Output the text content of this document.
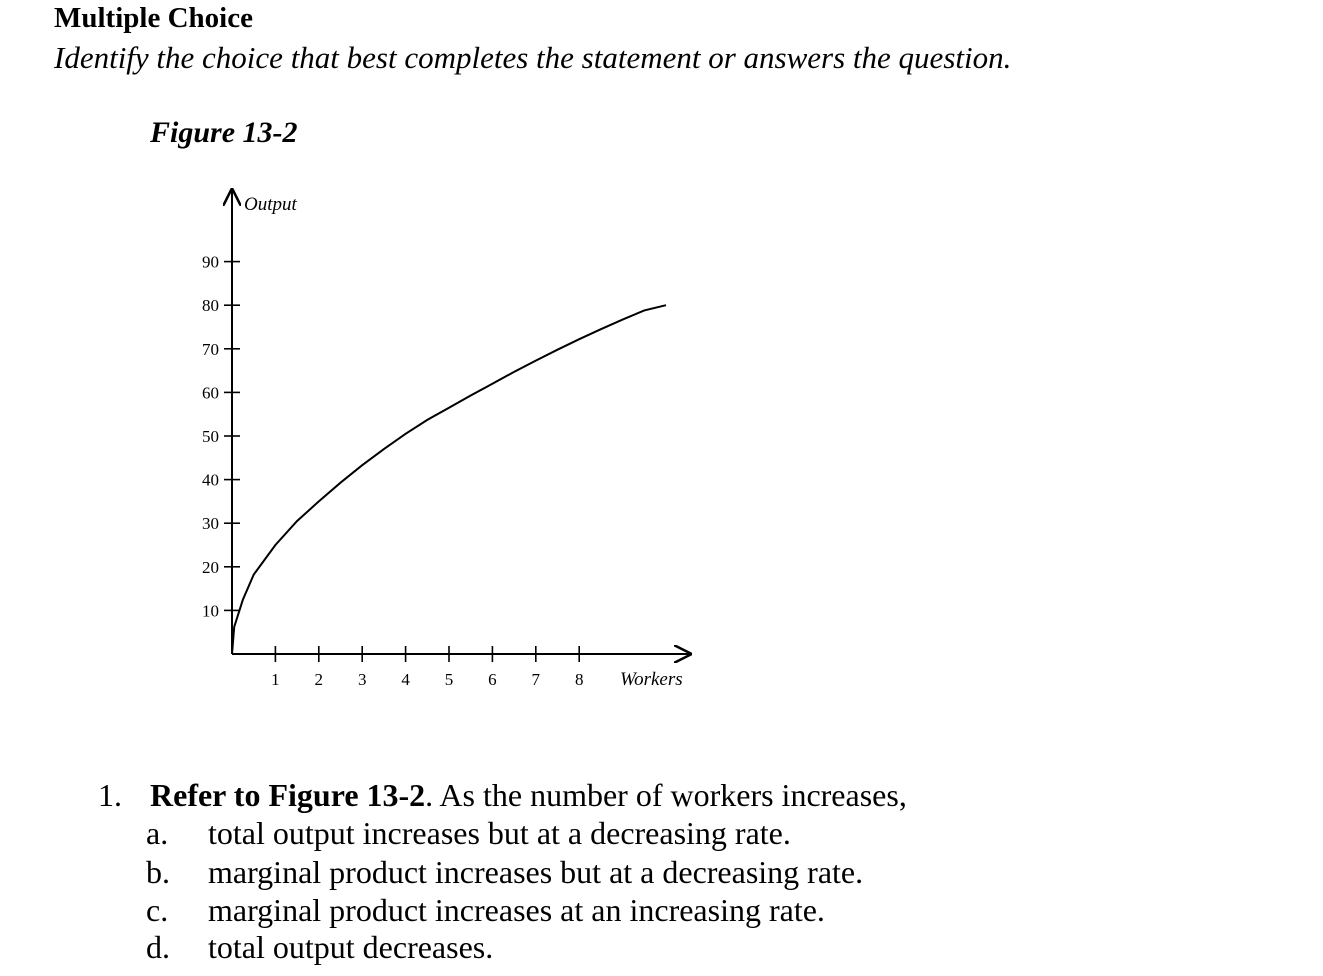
Multiple Choice
Identify the choice that best completes the statement or answers the question.
Figure 13-2
Output
Workers
10
20
30
40
50
60
70
80
90
1 2 3 4 5 6 7 8
1. Refer to Figure 13-2. As the number of workers increases,
a. total output increases but at a decreasing rate.
b. marginal product increases but at a decreasing rate.
c. marginal product increases at an increasing rate.
d. total output decreases.
